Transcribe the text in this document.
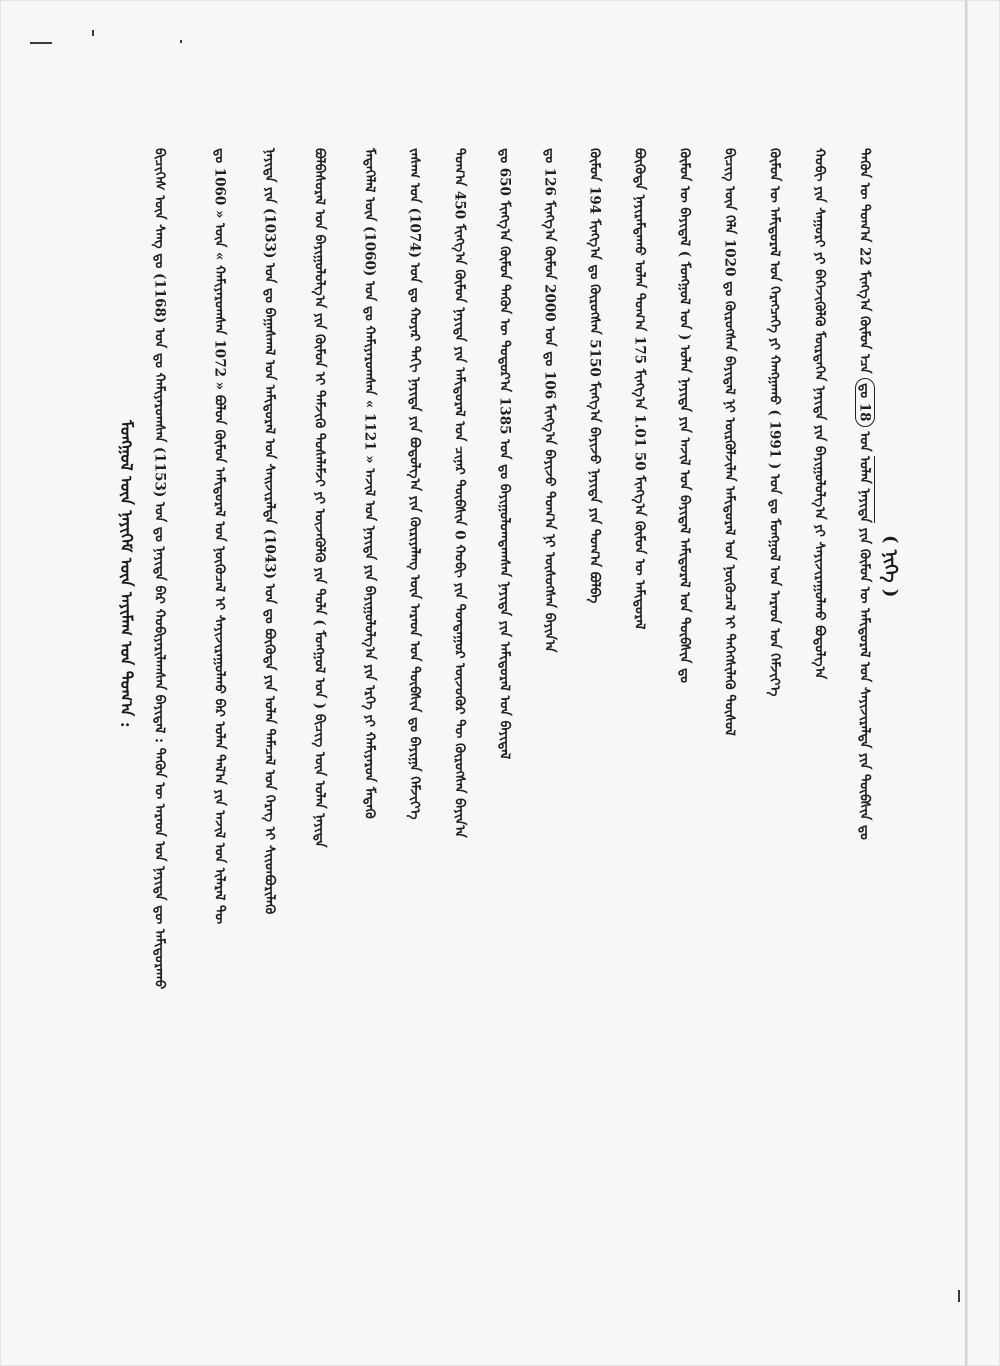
( ᠨᠢᠭᠡ )
ᠮᠣᠩᠭᠣᠯ ᠦᠨ ᠨᠡᠶᠢᠭᠡᠮ ᠦᠨ ᠠᠶᠢᠮᠠᠭ ᠤᠨ ᠲᠣᠭ᠎ᠠ : ᠪᠢᠴᠢᠭᠡᠰ ᠦᠨ ᠰᠠᠩ ᠳᠤ (1168) ᠣᠨ ᠳᠤ ᠬᠠᠮᠢᠶᠠᠷᠤᠭᠰᠠᠨ (1153) ᠣᠨ ᠳᠤ ᠨᠡᠶᠢᠲᠡ ᠪᠠᠷ ᠬᠤᠪᠢᠶᠠᠷᠢᠯᠠᠭᠰᠠᠨ ᠪᠠᠶᠢᠳᠠᠯ : ᠲᠡᠭᠦᠨ ᠦ ᠠᠷᠠᠳ ᠤᠨ ᠨᠡᠶᠢᠲᠡ ᠳᠦ ᠠᠮᠢᠳᠤᠷᠠᠬᠤ	ᠳᠤ 1060 » ᠦᠨ « ᠬᠠᠮᠢᠶᠠᠷᠤᠭᠰᠠᠨ 1072 » ᠪᠣᠯᠣᠨ ᠬᠦᠮᠦᠨ ᠠᠮᠢᠳᠤᠷᠠᠯ ᠤᠨ ᠨᠥᠬᠦᠴᠡᠯ ᠢ ᠰᠠᠶᠢᠵᠢᠷᠠᠭᠤᠯᠬᠤ ᠪᠠᠷ ᠣᠯᠠᠨ ᠲᠠᠯ᠎ᠠ ᠶᠢᠨ ᠠᠵᠢᠯ ᠤᠨ ᠢᠯᠡᠷᠡᠯ ᠲᠦ	ᠨᠡᠶᠢᠲᠡ ᠶᠢᠨ (1033) ᠣᠨ ᠳᠤ ᠪᠠᠭᠠᠰᠬᠠᠯ ᠤᠨ ᠠᠮᠢᠳᠤᠷᠠᠯ ᠤᠨ ᠰᠠᠢᠵᠢᠷᠠᠯᠲᠠ (1043) ᠣᠨ ᠳᠤ ᠪᠦᠭᠦᠳᠡ ᠶᠢᠨ ᠣᠯᠠᠨ ᠲᠡᠮᠡᠴᠡᠯ ᠤᠨ ᠬᠡᠷᠡᠭ ᠢ ᠰᠢᠢᠳᠪᠦᠷᠢᠯᠡᠬᠦ	ᠪᠣᠯᠪᠠᠰᠤᠷᠠᠯ ᠤᠨ ᠪᠠᠶᠢᠭᠤᠯᠤᠯᠭ᠎ᠠ ᠶᠢᠨ ᠬᠦᠮᠦᠨ ᠢ ᠳᠡᠮᠵᠢᠬᠦ ᠲᠤᠰᠠᠯᠠᠮᠵᠢ ᠶᠢ ᠦᠵᠡᠭᠦᠯᠬᠦ ᠶᠢᠨ ᠲᠤᠯᠠ ( ᠮᠣᠩᠭᠣᠯ ᠤᠨ ) ᠪᠢᠴᠢᠭ ᠦᠨ ᠣᠯᠠᠨ ᠨᠡᠶᠢᠲᠡ	ᠮᠡᠳᠡᠭᠡᠯᠡᠯ ᠦᠨ (1060) ᠣᠨ ᠳᠤ ᠬᠠᠮᠢᠶᠠᠷᠤᠭᠰᠠᠨ « 1121 » ᠠᠵᠢᠯ ᠤᠨ ᠨᠡᠶᠢᠲᠡ ᠶᠢᠨ ᠪᠠᠶᠢᠭᠤᠯᠤᠯᠭ᠎ᠠ ᠶᠢᠨ ᠡᠷᠬᠡ ᠶᠢ ᠬᠠᠮᠢᠶᠠᠷᠤᠨ ᠮᠡᠳᠡᠬᠦ ᠵᠠᠰᠠᠭ ᠤᠨ (1074) ᠣᠨ ᠳᠤ ᠬᠣᠶᠠᠷ ᠳᠠᠬᠢ ᠨᠡᠶᠢᠲᠡ ᠶᠢᠨ ᠪᠣᠳᠣᠯᠭ᠎ᠠ ᠶᠢᠨ ᠬᠦᠷᠢᠶᠡᠯᠡᠩ ᠦᠨ ᠠᠷᠠᠳ ᠤᠨ ᠲᠦᠪᠰᠢᠨ ᠳᠤ ᠪᠠᠶᠢᠭᠠ ᠬᠡᠮᠵᠢᠶ᠎ᠡ ᠲᠣᠭ᠎ᠠ 450 ᠮᠢᠩᠭ᠎ᠠ ᠬᠦᠮᠦᠨ ᠨᠡᠶᠢᠲᠡ ᠶᠢᠨ ᠠᠮᠢᠳᠤᠷᠠᠯ ᠤᠨ ᠴᠢᠨᠠᠷ ᠲᠦᠪᠰᠢᠨ 0 ᠬᠤᠪᠢ ᠶᠢᠨ ᠳᠤᠨᠳᠠᠭᠤᠷ ᠦᠵᠦᠭᠦᠷ ᠲᠦ ᠬᠦᠷᠦᠭᠰᠡᠨ ᠪᠠᠶᠢᠨ᠎ᠠ ᠳᠤ 650 ᠮᠢᠩᠭ᠎ᠠ ᠬᠦᠮᠦᠨ ᠲᠡᠭᠦᠨ ᠦ ᠳᠣᠲᠣᠷ᠎ᠠ 1385 ᠣᠨ ᠳᠤ ᠪᠠᠶᠢᠭᠤᠯᠤᠭᠳᠠᠭᠰᠠᠨ ᠨᠡᠶᠢᠲᠡ ᠶᠢᠨ ᠠᠮᠢᠳᠤᠷᠠᠯ ᠤᠨ ᠪᠠᠶᠢᠳᠠᠯ ᠳᠤ 126 ᠮᠢᠩᠭ᠎ᠠ ᠬᠦᠮᠦᠨ 2000 ᠣᠨ ᠳᠤ 106 ᠮᠢᠩᠭ᠎ᠠ ᠪᠠᠶᠢᠵᠤ ᠲᠣᠭ᠎ᠠ ᠨᠢ ᠥᠰᠦᠭᠰᠡᠨ ᠪᠠᠶᠢᠨ᠎ᠠ ᠬᠦᠮᠦᠨ 194 ᠮᠢᠩᠭ᠎ᠠ ᠳᠤ ᠬᠦᠷᠦᠭᠰᠡᠨ 5150 ᠮᠢᠩᠭ᠎ᠠ ᠪᠠᠶᠢᠵᠤ ᠨᠡᠶᠢᠲᠡ ᠶᠢᠨ ᠲᠣᠭ᠎ᠠ ᠪᠣᠯᠪᠠ ᠪᠦᠭᠦᠳᠡ ᠨᠠᠶᠢᠷᠠᠮᠳᠠᠬᠤ ᠣᠯᠠᠨ ᠲᠣᠭ᠎ᠠ 175 ᠮᠢᠩᠭ᠎ᠠ 1.01 50 ᠮᠢᠩᠭ᠎ᠠ ᠬᠦᠮᠦᠨ ᠦ ᠠᠮᠢᠳᠤᠷᠠᠯ ᠬᠦᠮᠦᠨ ᠦ ᠪᠠᠶᠢᠳᠠᠯ ( ᠮᠣᠩᠭᠣᠯ ᠤᠨ ) ᠣᠯᠠᠨ ᠨᠡᠶᠢᠲᠡ ᠶᠢᠨ ᠠᠵᠢᠯ ᠤᠨ ᠪᠠᠶᠢᠳᠠᠯ ᠠᠮᠢᠳᠤᠷᠠᠯ ᠤᠨ ᠲᠦᠪᠰᠢᠨ ᠳᠤ ᠪᠢᠴᠢᠭ ᠦᠨ ᠬᠡᠯᠡ 1020 ᠳᠤ ᠬᠦᠷᠦᠭᠰᠡᠨ ᠪᠠᠶᠢᠳᠠᠯ ᠨᠢ ᠦᠷᠭᠦᠯᠵᠢᠯᠡᠨ ᠠᠮᠢᠳᠤᠷᠠᠯ ᠤᠨ ᠨᠥᠬᠦᠴᠡᠯ ᠢ ᠳᠡᠭᠡᠭᠰᠢᠯᠡᠬᠦ ᠲᠦᠰᠦᠯ ᠬᠦᠮᠦᠨ ᠦ ᠠᠮᠢᠳᠤᠷᠠᠯ ᠤᠨ ᠬᠡᠷᠡᠭᠴᠡᠭᠡ ᠶᠢ ᠬᠠᠩᠭᠠᠬᠤ ( 1991 ) ᠣᠨ ᠳᠤ ᠮᠣᠩᠭᠣᠯ ᠤᠨ ᠠᠷᠠᠳ ᠤᠨ ᠬᠡᠮᠵᠢᠶ᠎ᠡ ᠬᠤᠪᠢ ᠶᠢᠨ ᠰᠠᠭᠤᠷᠢ ᠶᠢ ᠪᠡᠬᠡᠵᠢᠭᠦᠯᠬᠦ ᠮᠦᠷᠲᠡᠭᠡᠨ ᠨᠡᠶᠢᠲᠡ ᠶᠢᠨ ᠪᠠᠶᠢᠭᠤᠯᠤᠯᠭ᠎ᠠ ᠶᠢ ᠰᠠᠶᠢᠵᠢᠷᠠᠭᠤᠯᠬᠤ ᠪᠣᠳᠣᠯᠭ᠎ᠠ ᠲᠡᠭᠦᠨ ᠦ ᠲᠣᠭ᠎ᠠ 22 ᠮᠢᠩᠭ᠎ᠠ ᠬᠦᠮᠦᠨ ᠡᠴᠡ ᠳᠤ 18 ᠣᠨ ᠣᠯᠠᠨ ᠨᠡᠶᠢᠲᠡ ᠶᠢᠨ ᠬᠦᠮᠦᠨ ᠦ ᠠᠮᠢᠳᠤᠷᠠᠯ ᠤᠨ ᠰᠠᠶᠢᠵᠢᠷᠠᠯᠲᠠ ᠶᠢᠨ ᠲᠦᠪᠰᠢᠨ ᠳᠤ
